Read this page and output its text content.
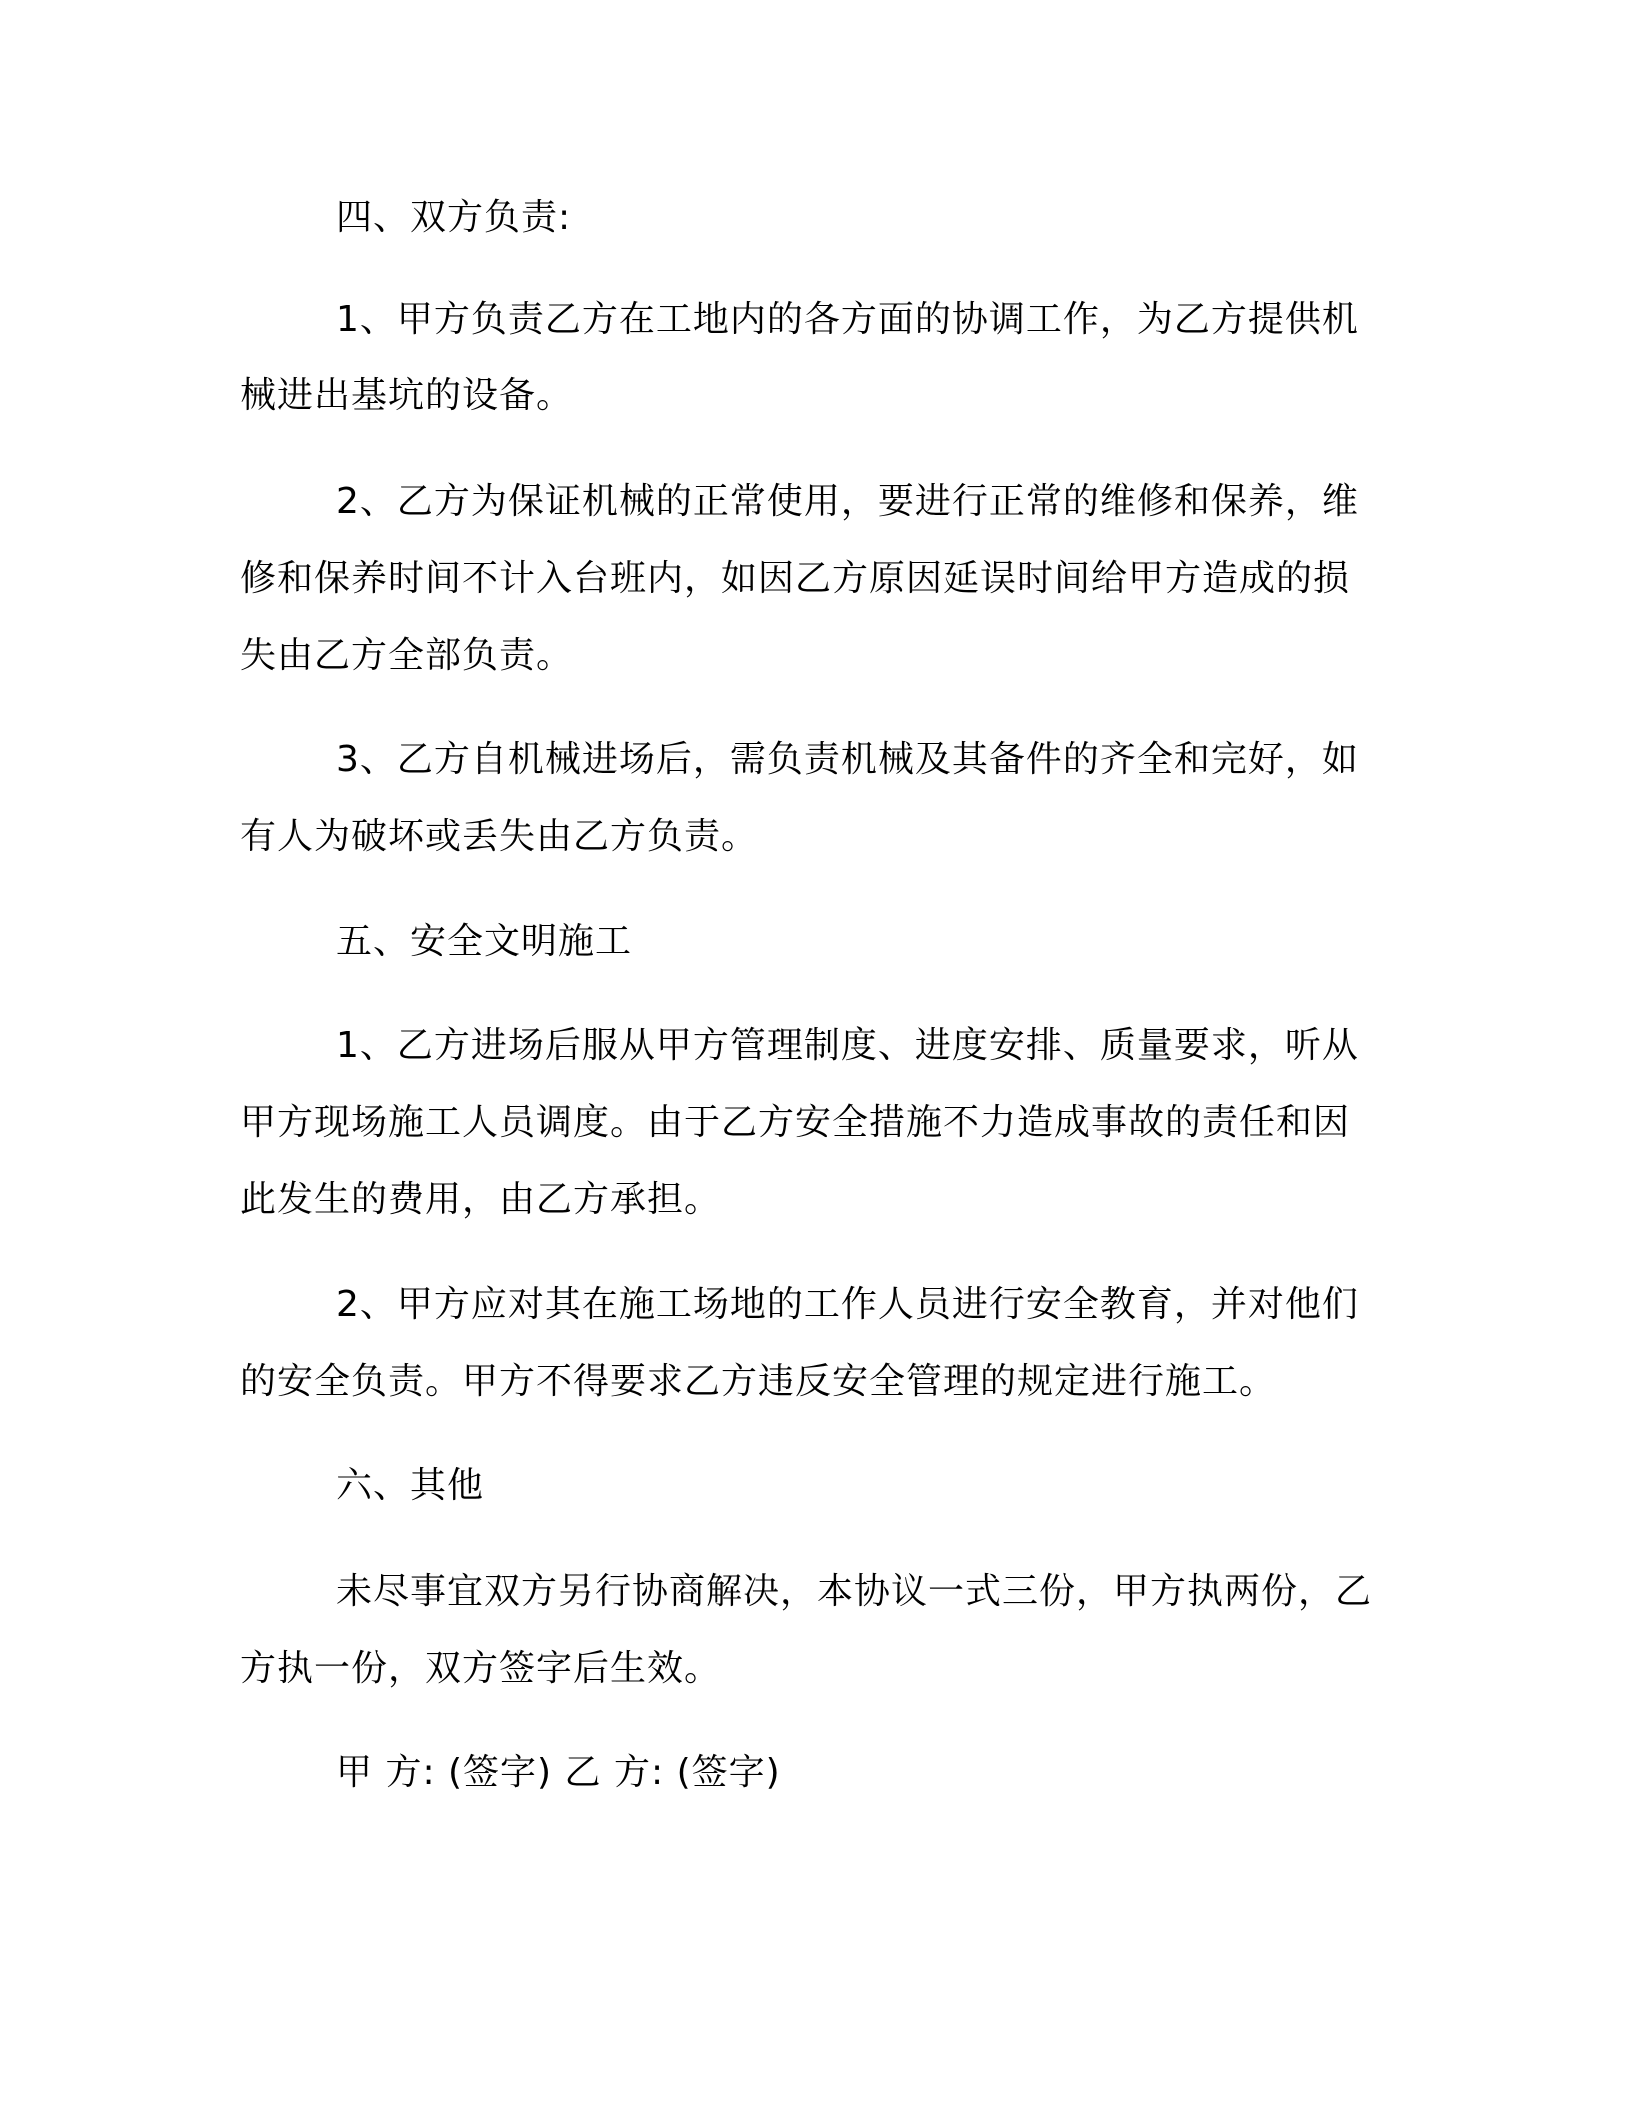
四、双方负责:
1、甲方负责乙方在工地内的各方面的协调工作，为乙方提供机
械进出基坑的设备。
2、乙方为保证机械的正常使用，要进行正常的维修和保养，维
修和保养时间不计入台班内，如因乙方原因延误时间给甲方造成的损
失由乙方全部负责。
3、乙方自机械进场后，需负责机械及其备件的齐全和完好，如
有人为破坏或丢失由乙方负责。
五、安全文明施工
1、乙方进场后服从甲方管理制度、进度安排、质量要求，听从
甲方现场施工人员调度。由于乙方安全措施不力造成事故的责任和因
此发生的费用，由乙方承担。
2、甲方应对其在施工场地的工作人员进行安全教育，并对他们
的安全负责。甲方不得要求乙方违反安全管理的规定进行施工。
六、其他
未尽事宜双方另行协商解决，本协议一式三份，甲方执两份，乙
方执一份，双方签字后生效。
甲 方: (签字) 乙 方: (签字)
